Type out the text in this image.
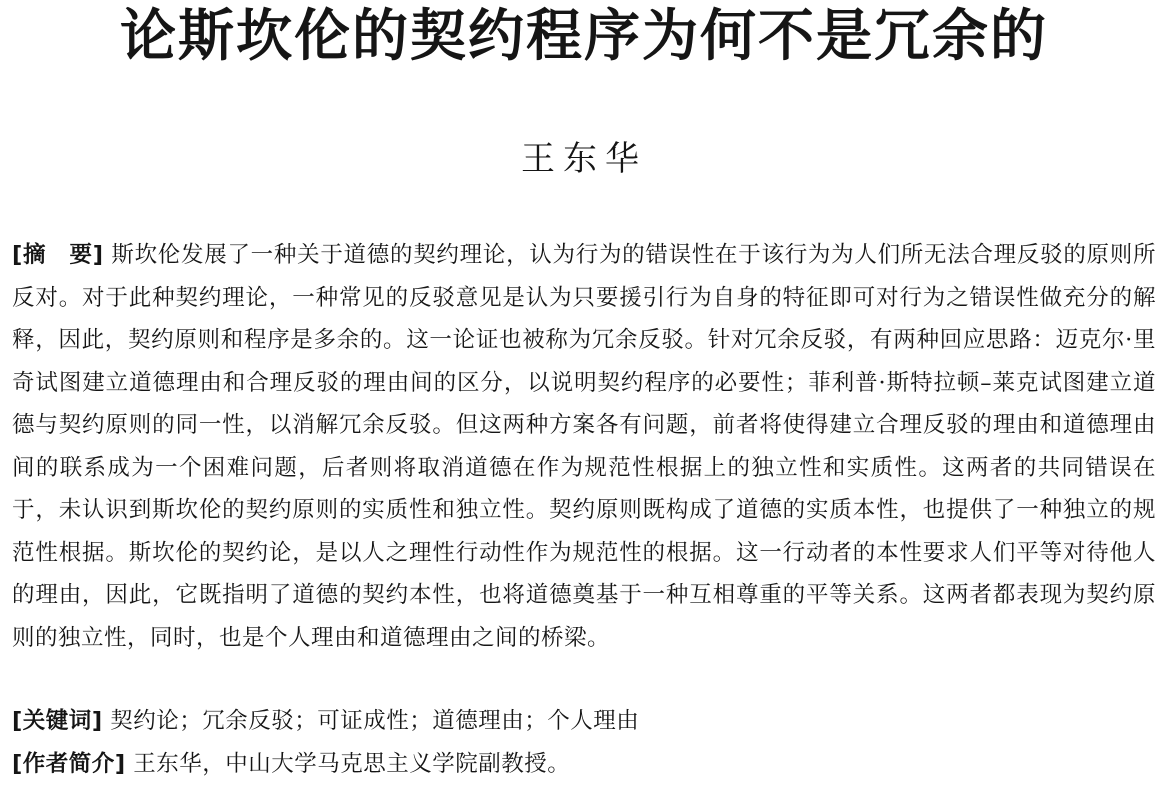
论斯坎伦的契约程序为何不是冗余的
王东华

[摘　要] 斯坎伦发展了一种关于道德的契约理论，认为行为的错误性在于该行为为人们所无法合理反驳的原则所反对。对于此种契约理论，一种常见的反驳意见是认为只要援引行为自身的特征即可对行为之错误性做充分的解释，因此，契约原则和程序是多余的。这一论证也被称为冗余反驳。针对冗余反驳，有两种回应思路：迈克尔·里奇试图建立道德理由和合理反驳的理由间的区分，以说明契约程序的必要性；菲利普·斯特拉顿–莱克试图建立道德与契约原则的同一性，以消解冗余反驳。但这两种方案各有问题，前者将使得建立合理反驳的理由和道德理由间的联系成为一个困难问题，后者则将取消道德在作为规范性根据上的独立性和实质性。这两者的共同错误在于，未认识到斯坎伦的契约原则的实质性和独立性。契约原则既构成了道德的实质本性，也提供了一种独立的规范性根据。斯坎伦的契约论，是以人之理性行动性作为规范性的根据。这一行动者的本性要求人们平等对待他人的理由，因此，它既指明了道德的契约本性，也将道德奠基于一种互相尊重的平等关系。这两者都表现为契约原则的独立性，同时，也是个人理由和道德理由之间的桥梁。

[关键词] 契约论；冗余反驳；可证成性；道德理由；个人理由

[作者简介] 王东华，中山大学马克思主义学院副教授。
